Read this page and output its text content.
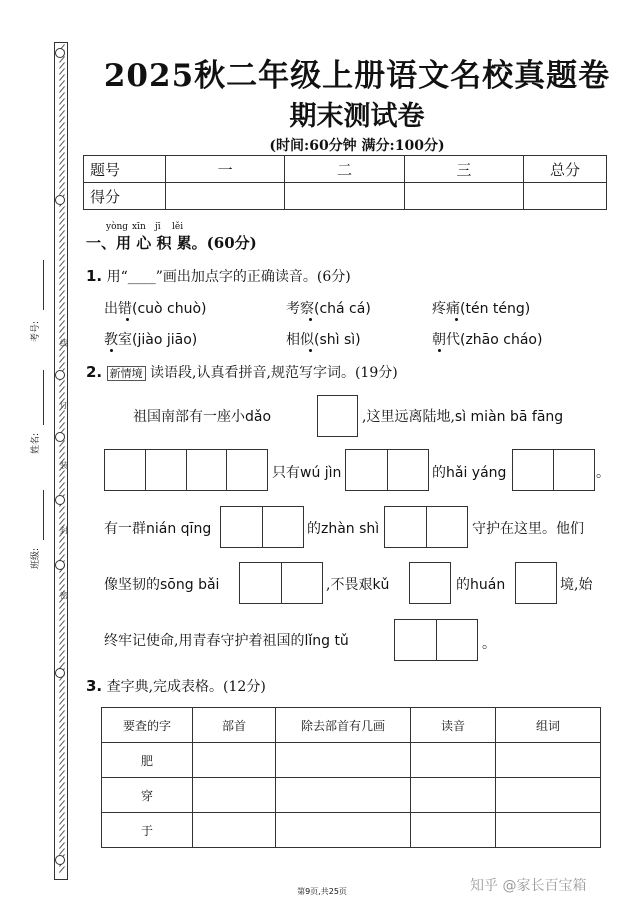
考号:
姓名:
班级:
线
订
装
封
密
2025秋二年级上册语文名校真题卷
期末测试卷
(时间:60分钟 满分:100分)
题号	一	二	三	总分
得分				
yòng xīn jī lěi
一、用 心 积 累。(60分)
1. 用“____”画出加点字的正确读音。(6分)
出错(cuò chuò)	考察(chá cá)	疼痛(tén téng)
教室(jiào jiāo)	相似(shì sì)	朝代(zhāo cháo)
2. 新情境 读语段,认真看拼音,规范写字词。(19分)
祖国南部有一座小dǎo	,这里远离陆地,sì miàn bā fāng
只有wú jìn	的hǎi yáng	。
有一群nián qīng	的zhàn shì	守护在这里。他们
像坚韧的sōng bǎi	,不畏艰kǔ	的huán	境,始
终牢记使命,用青春守护着祖国的lǐng tǔ	。
3. 查字典,完成表格。(12分)
要查的字	部首	除去部首有几画	读音	组词
肥				
穿				
于				
第9页,共25页	知乎 @家长百宝箱
